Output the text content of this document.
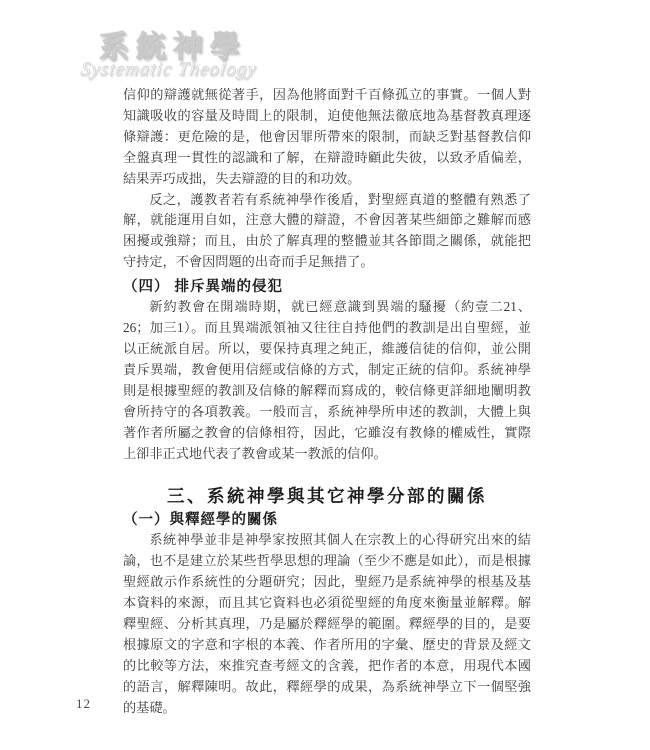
系統神學
Systematic Theology

信仰的辯護就無從著手，因為他將面對千百條孤立的事實。一個人對知識吸收的容量及時間上的限制，迫使他無法徹底地為基督教真理逐條辯護：更危險的是，他會因罪所帶來的限制，而缺乏對基督教信仰全盤真理一貫性的認識和了解，在辯證時顧此失彼，以致矛盾偏差，結果弄巧成拙，失去辯證的目的和功效。

反之，護教者若有系統神學作後盾，對聖經真道的整體有熟悉了解，就能運用自如，注意大體的辯證，不會因著某些細節之難解而感困擾或強辯；而且，由於了解真理的整體並其各節間之關係，就能把守持定，不會因問題的出奇而手足無措了。

（四） 排斥異端的侵犯

新約教會在開端時期，就已經意識到異端的騷擾（約壹二21、26；加三1）。而且異端派領袖又往往自持他們的教訓是出自聖經，並以正統派自居。所以，要保持真理之純正，維護信徒的信仰，並公開責斥異端，教會便用信經或信條的方式，制定正統的信仰。系統神學則是根據聖經的教訓及信條的解釋而寫成的，較信條更詳細地闡明教會所持守的各項教義。一般而言，系統神學所申述的教訓，大體上與著作者所屬之教會的信條相符，因此，它雖沒有教條的權威性，實際上卻非正式地代表了教會或某一教派的信仰。

三、系統神學與其它神學分部的關係
（一）與釋經學的關係

系統神學並非是神學家按照其個人在宗教上的心得研究出來的結論，也不是建立於某些哲學思想的理論（至少不應是如此），而是根據聖經啟示作系統性的分題研究；因此，聖經乃是系統神學的根基及基本資料的來源，而且其它資料也必須從聖經的角度來衡量並解釋。解釋聖經、分析其真理，乃是屬於釋經學的範圍。釋經學的目的，是要根據原文的字意和字根的本義、作者所用的字彙、歷史的背景及經文的比較等方法，來推究查考經文的含義，把作者的本意，用現代本國的語言，解釋陳明。故此，釋經學的成果，為系統神學立下一個堅強的基礎。

12
